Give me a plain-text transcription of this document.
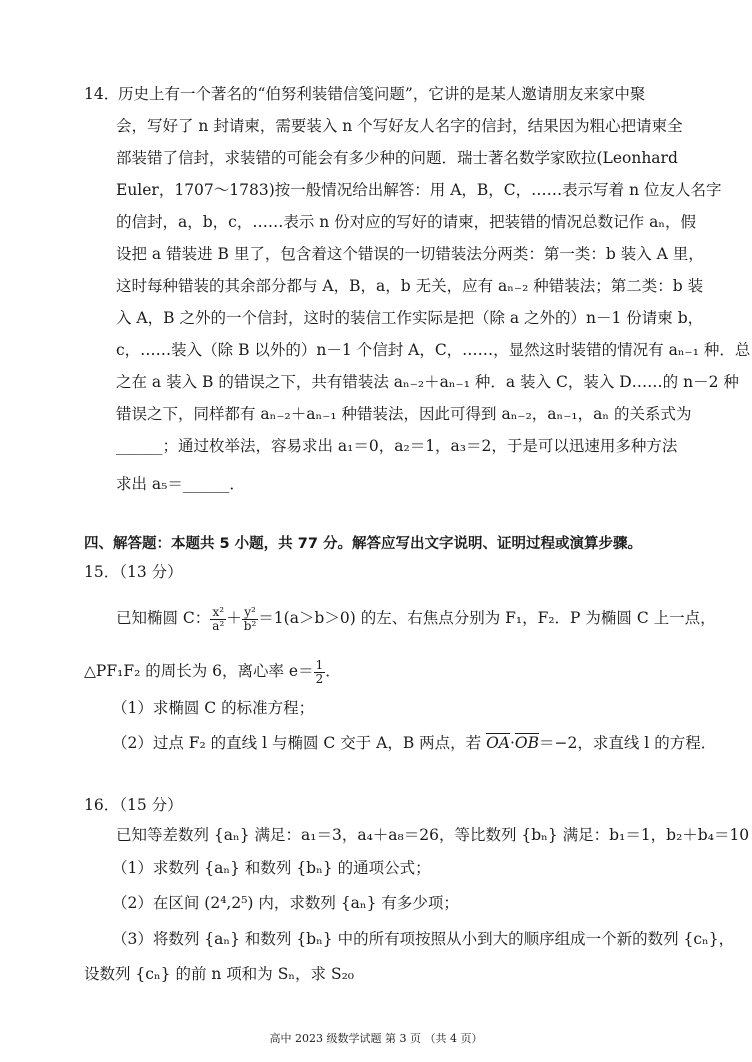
14．
历史上有一个著名的“伯努利装错信笺问题”，它讲的是某人邀请朋友来家中聚
会，写好了 n 封请柬，需要装入 n 个写好友人名字的信封，结果因为粗心把请柬全
部装错了信封，求装错的可能会有多少种的问题．瑞士著名数学家欧拉(Leonhard
Euler，1707～1783)按一般情况给出解答：用 A，B，C，……表示写着 n 位友人名字
的信封，a，b，c，……表示 n 份对应的写好的请柬，把装错的情况总数记作 aₙ，假
设把 a 错装进 B 里了，包含着这个错误的一切错装法分两类：第一类：b 装入 A 里，
这时每种错装的其余部分都与 A，B，a，b 无关，应有 aₙ₋₂ 种错装法；第二类：b 装
入 A，B 之外的一个信封，这时的装信工作实际是把（除 a 之外的）n－1 份请柬 b，
c，……装入（除 B 以外的）n－1 个信封 A，C，……，显然这时装错的情况有 aₙ₋₁ 种．总
之在 a 装入 B 的错误之下，共有错装法 aₙ₋₂＋aₙ₋₁ 种．a 装入 C，装入 D……的 n－2 种
错误之下，同样都有 aₙ₋₂＋aₙ₋₁ 种错装法，因此可得到 aₙ₋₂，aₙ₋₁，aₙ 的关系式为
______；通过枚举法，容易求出 a₁＝0，a₂＝1，a₃＝2，于是可以迅速用多种方法
求出 a₅＝______．
四、解答题：本题共 5 小题，共 77 分。解答应写出文字说明、证明过程或演算步骤。
15．（13 分）
已知椭圆 C： $\frac{\text{x²}}{\text{a²}} + \frac{\text{y²}}{\text{b²}} =1(a>b>0)$ 的左、右焦点分别为 F₁，F₂．P 为椭圆 C 上一点，
△PF₁F₂ 的周长为 6，离心率 $e= \frac{1}{2}$ ．
（1）求椭圆 C 的标准方程；
（2）过点 F₂ 的直线 l 与椭圆 C 交于 A，B 两点，若 $\overline{OA}\cdot\overline{OB}=-2$，求直线 l 的方程．
16．（15 分）
已知等差数列 {aₙ} 满足：a₁＝3，a₄＋a₈＝26，等比数列 {bₙ} 满足：b₁＝1，b₂＋b₄＝10
（1）求数列 {aₙ} 和数列 {bₙ} 的通项公式；
（2）在区间 (2⁴,2⁵) 内，求数列 {aₙ} 有多少项；
（3）将数列 {aₙ} 和数列 {bₙ} 中的所有项按照从小到大的顺序组成一个新的数列 {cₙ}，
设数列 {cₙ} 的前 n 项和为 Sₙ，求 S₂₀
高中 2023 级数学试题 第 3 页 （共 4 页）
